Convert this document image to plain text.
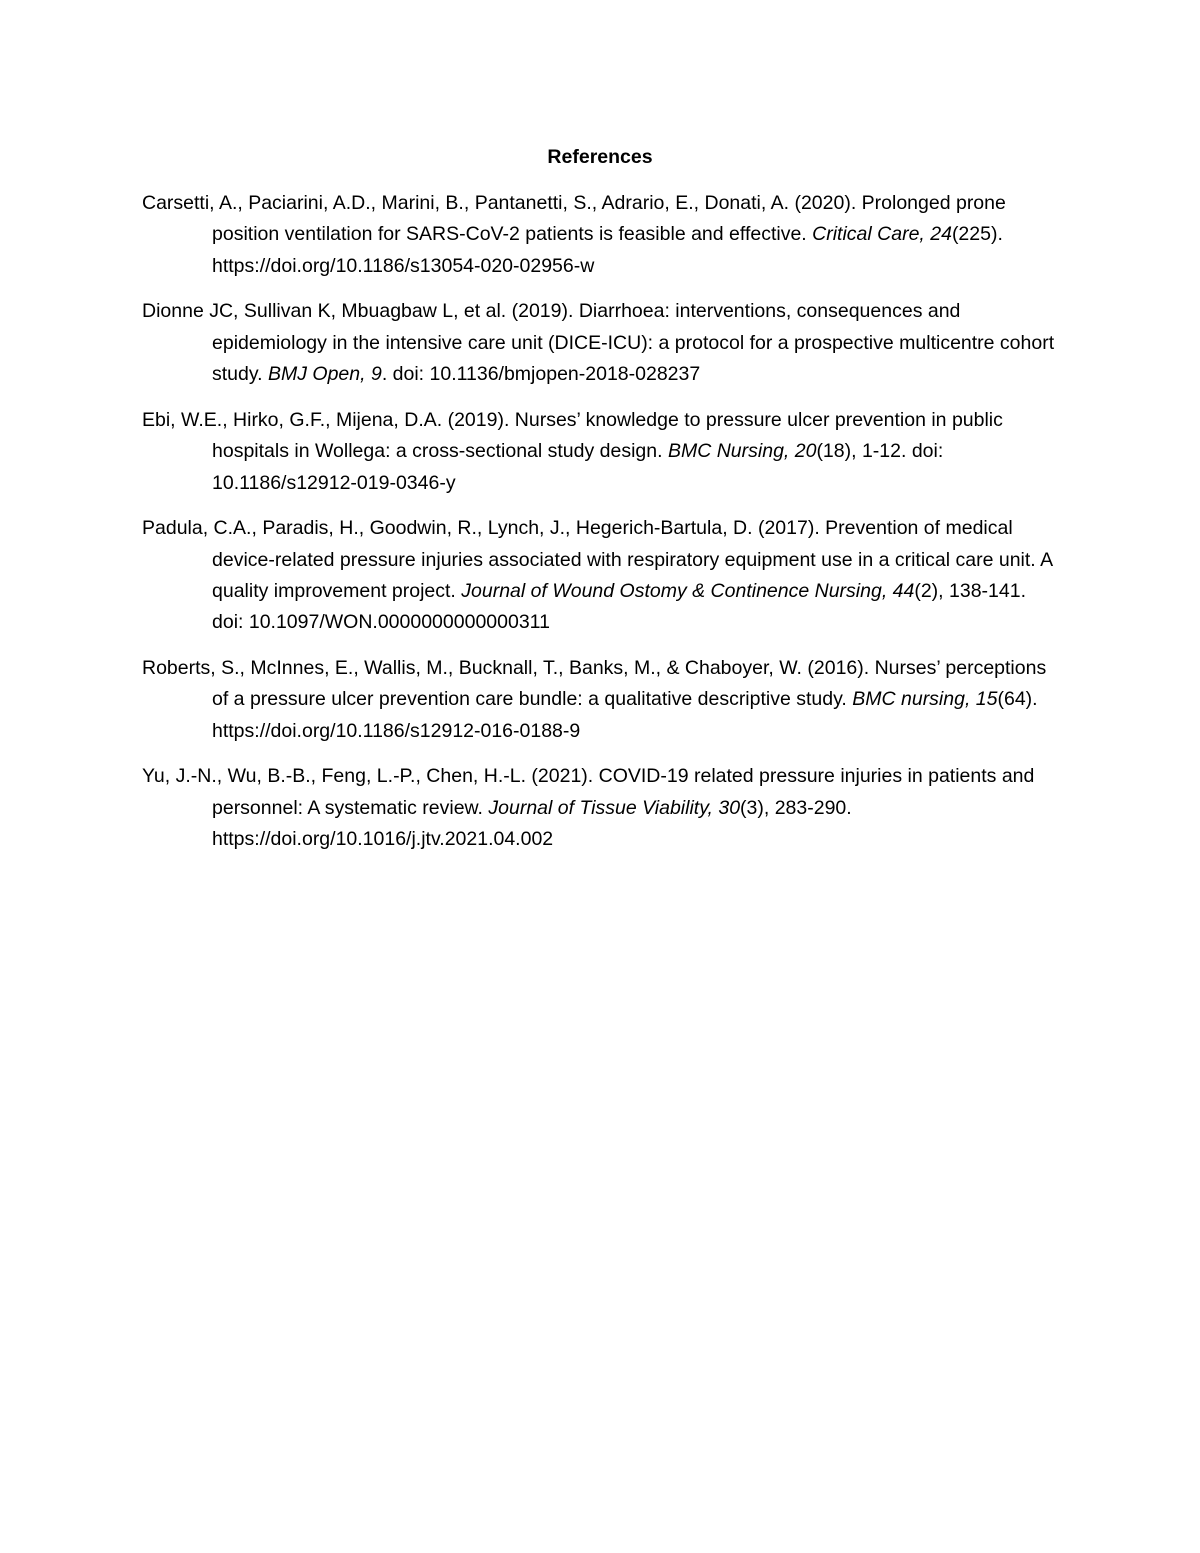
References
Carsetti, A., Paciarini, A.D., Marini, B., Pantanetti, S., Adrario, E., Donati, A. (2020). Prolonged prone position ventilation for SARS-CoV-2 patients is feasible and effective. Critical Care, 24(225). https://doi.org/10.1186/s13054-020-02956-w
Dionne JC, Sullivan K, Mbuagbaw L, et al. (2019). Diarrhoea: interventions, consequences and epidemiology in the intensive care unit (DICE-ICU): a protocol for a prospective multicentre cohort study. BMJ Open, 9. doi: 10.1136/bmjopen-2018-028237
Ebi, W.E., Hirko, G.F., Mijena, D.A. (2019). Nurses’ knowledge to pressure ulcer prevention in public hospitals in Wollega: a cross-sectional study design. BMC Nursing, 20(18), 1-12. doi: 10.1186/s12912-019-0346-y
Padula, C.A., Paradis, H., Goodwin, R., Lynch, J., Hegerich-Bartula, D. (2017). Prevention of medical device-related pressure injuries associated with respiratory equipment use in a critical care unit. A quality improvement project. Journal of Wound Ostomy & Continence Nursing, 44(2), 138-141. doi: 10.1097/WON.0000000000000311
Roberts, S., McInnes, E., Wallis, M., Bucknall, T., Banks, M., & Chaboyer, W. (2016). Nurses’ perceptions of a pressure ulcer prevention care bundle: a qualitative descriptive study. BMC nursing, 15(64). https://doi.org/10.1186/s12912-016-0188-9
Yu, J.-N., Wu, B.-B., Feng, L.-P., Chen, H.-L. (2021). COVID-19 related pressure injuries in patients and personnel: A systematic review. Journal of Tissue Viability, 30(3), 283-290. https://doi.org/10.1016/j.jtv.2021.04.002
